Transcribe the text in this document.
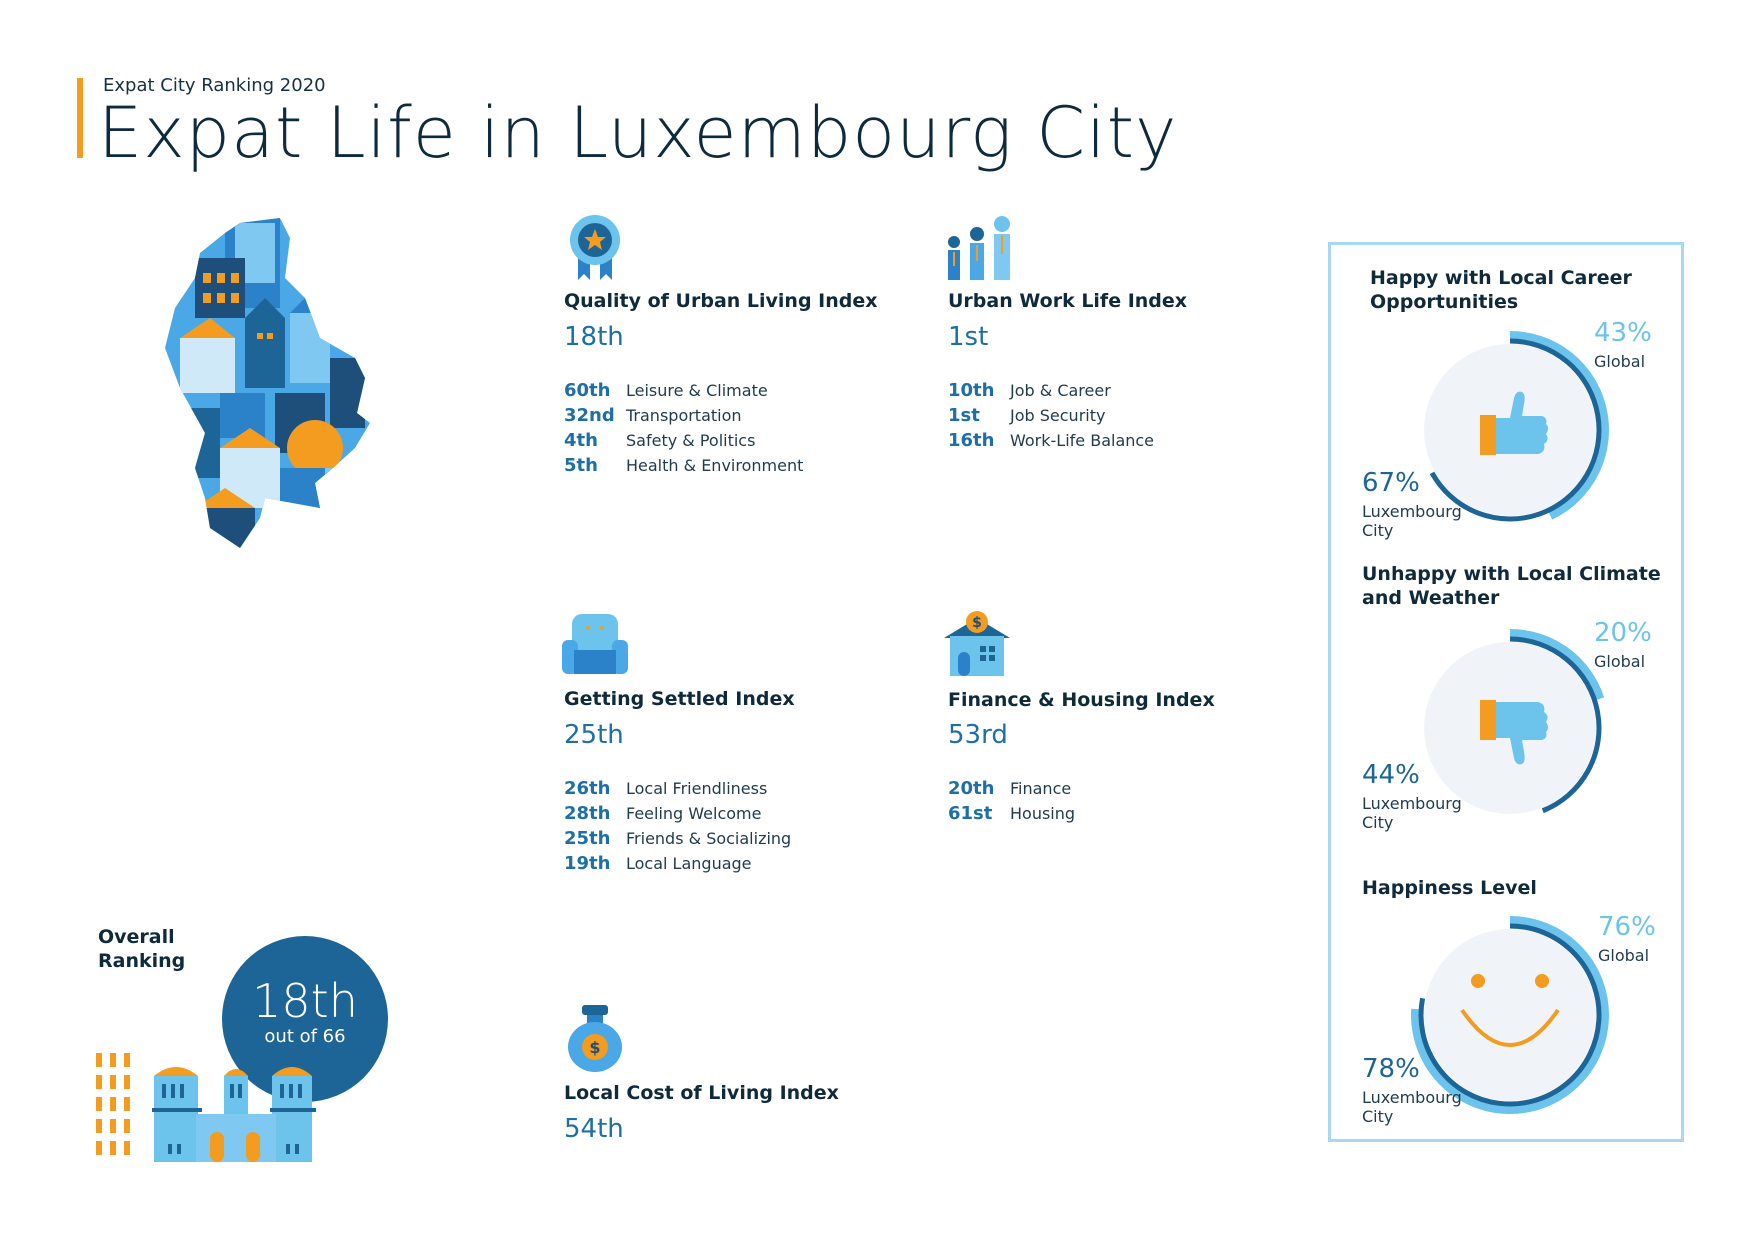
Expat City Ranking 2020
Expat Life in Luxembourg City
Quality of Urban Living Index
18th
60th Leisure & Climate
32nd Transportation
4th	Safety & Politics
5th	Health & Environment
Urban Work Life Index
1st
10th Job & Career
1st	Job Security
16th Work-Life Balance
Getting Settled Index
25th
26th Local Friendliness
28th Feeling Welcome
25th Friends & Socializing
19th Local Language
$
Finance & Housing Index
53rd
20th Finance
61st	Housing
$
Local Cost of Living Index
54th
Overall Ranking
18th
out of 66
Happy with Local Career Opportunities
43%
Global
67%
Luxembourg City
Unhappy with Local Climate and Weather
20%
Global
44%
Luxembourg City
Happiness Level
76%
Global
78%
Luxembourg City
